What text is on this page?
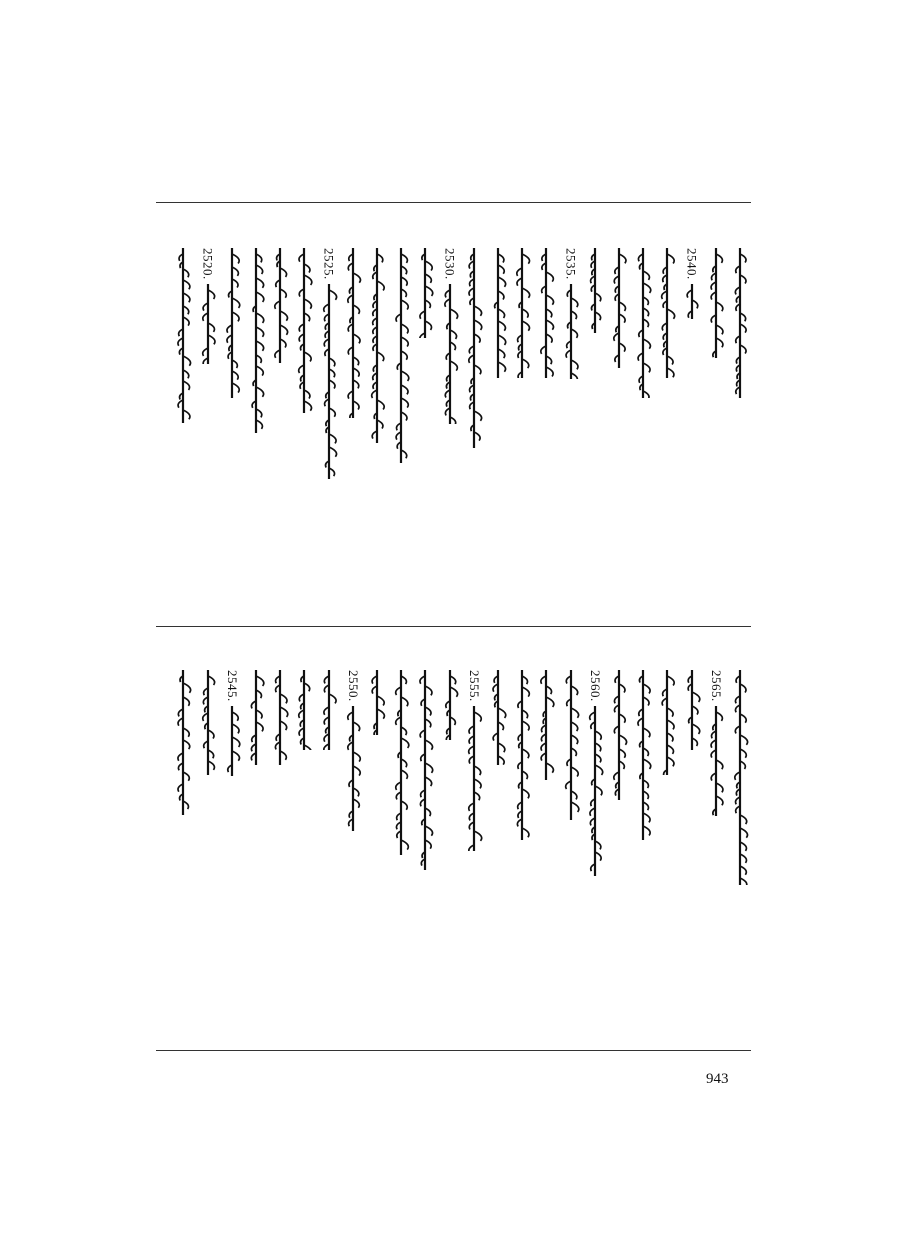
2540.
2535.
2530.
2525.
2520.
2565.
2560.
2555.
2550.
2545.
943
